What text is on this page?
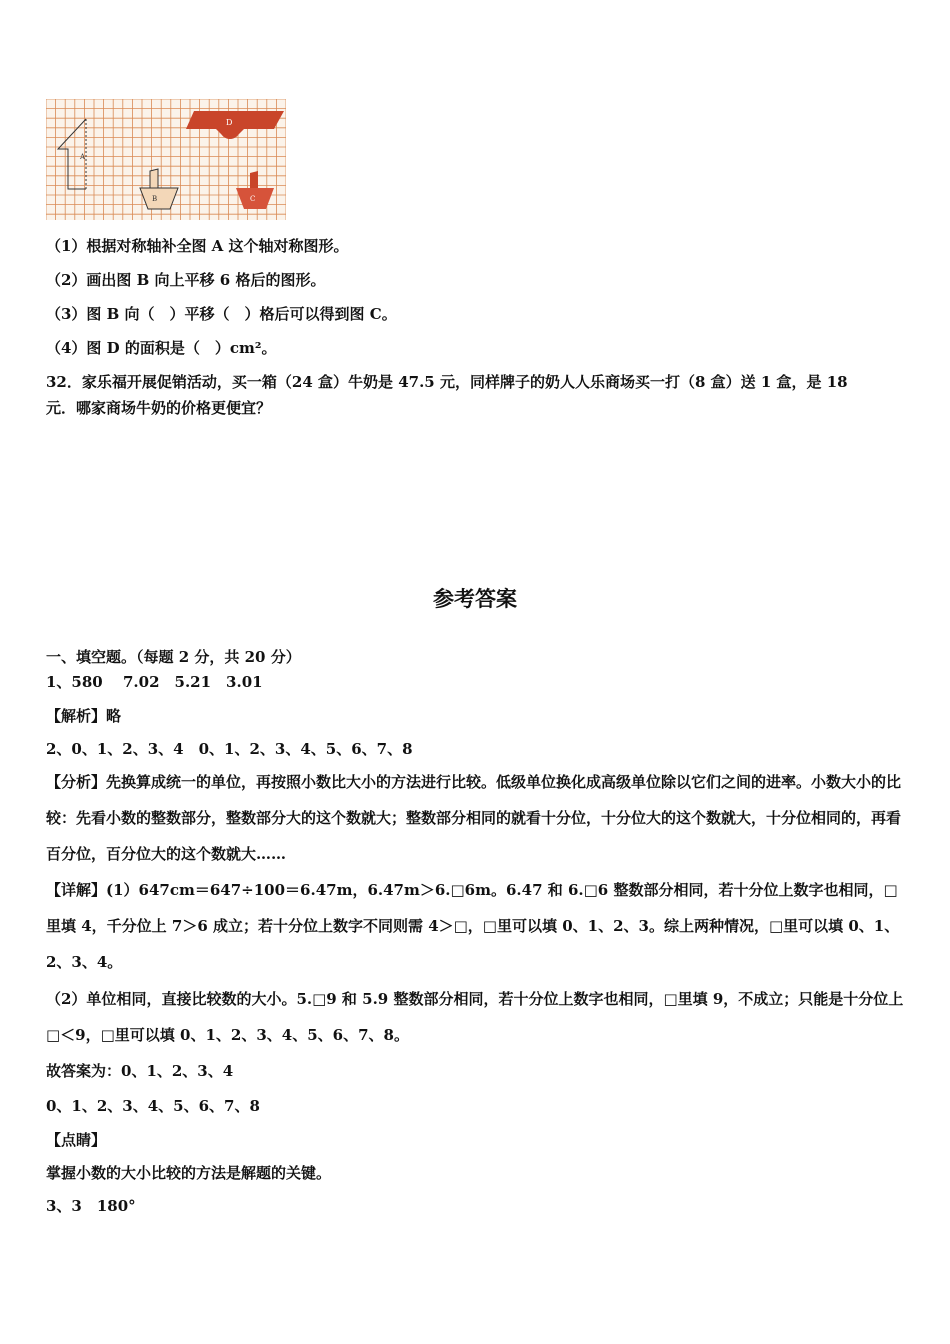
A
D
B	C
（1）根据对称轴补全图 A 这个轴对称图形。
（2）画出图 B 向上平移 6 格后的图形。
（3）图 B 向（　）平移（　）格后可以得到图 C。
（4）图 D 的面积是（　）cm²。
32．家乐福开展促销活动，买一箱（24 盒）牛奶是 47.5 元，同样牌子的奶人人乐商场买一打（8 盒）送 1 盒，是 18
元．哪家商场牛奶的价格更便宜？
参考答案
一、填空题。（每题 2 分，共 20 分）
1、580　 7.02　5.21　3.01
【解析】略
2、0、1、2、3、4　0、1、2、3、4、5、6、7、8
【分析】先换算成统一的单位，再按照小数比大小的方法进行比较。低级单位换化成高级单位除以它们之间的进率。小数大小的比较：先看小数的整数部分，整数部分大的这个数就大；整数部分相同的就看十分位，十分位大的这个数就大，十分位相同的，再看百分位，百分位大的这个数就大……
【详解】(1）647cm＝647÷100＝6.47m，6.47m＞6.□6m。6.47 和 6.□6 整数部分相同，若十分位上数字也相同，□里填 4，千分位上 7＞6 成立；若十分位上数字不同则需 4＞□，□里可以填 0、1、2、3。综上两种情况，□里可以填 0、1、2、3、4。
（2）单位相同，直接比较数的大小。5.□9 和 5.9 整数部分相同，若十分位上数字也相同，□里填 9，不成立；只能是十分位上□＜9，□里可以填 0、1、2、3、4、5、6、7、8。
故答案为：0、1、2、3、4
0、1、2、3、4、5、6、7、8
【点睛】
掌握小数的大小比较的方法是解题的关键。
3、3　180°
